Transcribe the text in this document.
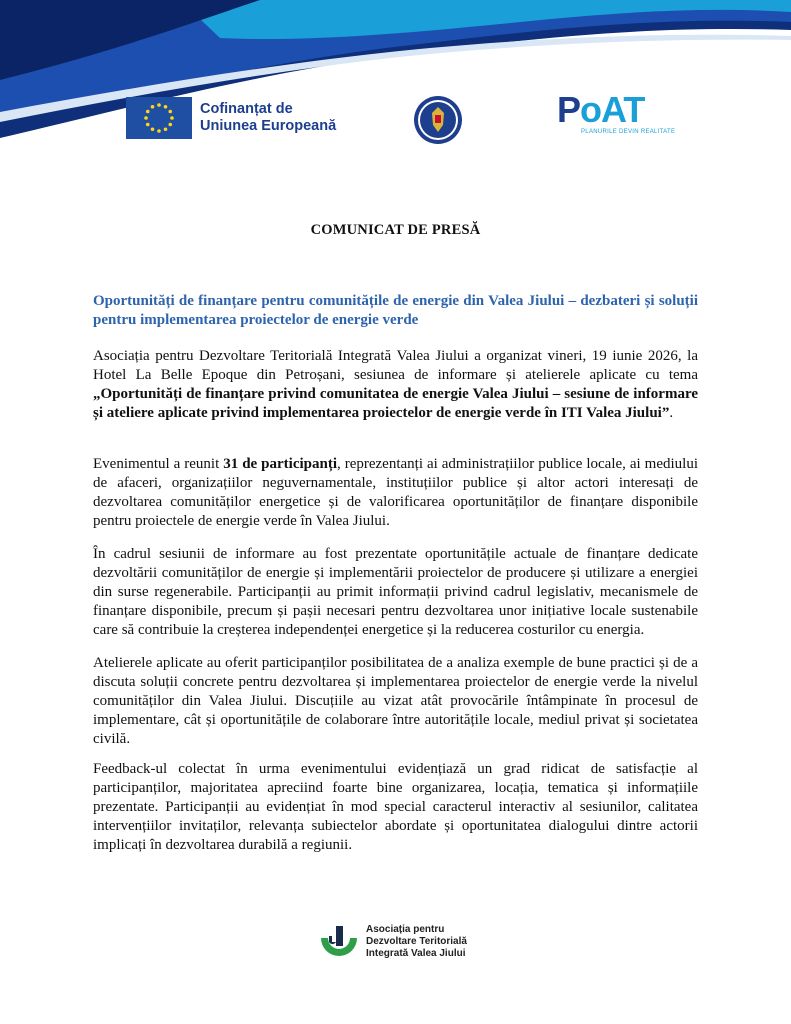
Cofinanțat de
Uniunea Europeană	PoAT
PLANURILE DEVIN REALITATE
COMUNICAT DE PRESĂ
Oportunități de finanțare pentru comunitățile de energie din Valea Jiului – dezbateri și soluții pentru implementarea proiectelor de energie verde

Asociația pentru Dezvoltare Teritorială Integrată Valea Jiului a organizat vineri, 19 iunie 2026, la Hotel La Belle Epoque din Petroșani, sesiunea de informare și atelierele aplicate cu tema „Oportunități de finanțare privind comunitatea de energie Valea Jiului – sesiune de informare și ateliere aplicate privind implementarea proiectelor de energie verde în ITI Valea Jiului”.

Evenimentul a reunit 31 de participanți, reprezentanți ai administrațiilor publice locale, ai mediului de afaceri, organizațiilor neguvernamentale, instituțiilor publice și altor actori interesați de dezvoltarea comunităților energetice și de valorificarea oportunităților de finanțare disponibile pentru proiectele de energie verde în Valea Jiului.

În cadrul sesiunii de informare au fost prezentate oportunitățile actuale de finanțare dedicate dezvoltării comunităților de energie și implementării proiectelor de producere și utilizare a energiei din surse regenerabile. Participanții au primit informații privind cadrul legislativ, mecanismele de finanțare disponibile, precum și pașii necesari pentru dezvoltarea unor inițiative locale sustenabile care să contribuie la creșterea independenței energetice și la reducerea costurilor cu energia.

Atelierele aplicate au oferit participanților posibilitatea de a analiza exemple de bune practici și de a discuta soluții concrete pentru dezvoltarea și implementarea proiectelor de energie verde la nivelul comunităților din Valea Jiului. Discuțiile au vizat atât provocările întâmpinate în procesul de implementare, cât și oportunitățile de colaborare între autoritățile locale, mediul privat și societatea civilă.

Feedback-ul colectat în urma evenimentului evidențiază un grad ridicat de satisfacție al participanților, majoritatea apreciind foarte bine organizarea, locația, tematica și informațiile prezentate. Participanții au evidențiat în mod special caracterul interactiv al sesiunilor, calitatea intervențiilor invitaților, relevanța subiectelor abordate și oportunitatea dialogului dintre actorii implicați în dezvoltarea durabilă a regiunii.

Asociația pentru
Dezvoltare Teritorială
Integrată Valea Jiului
